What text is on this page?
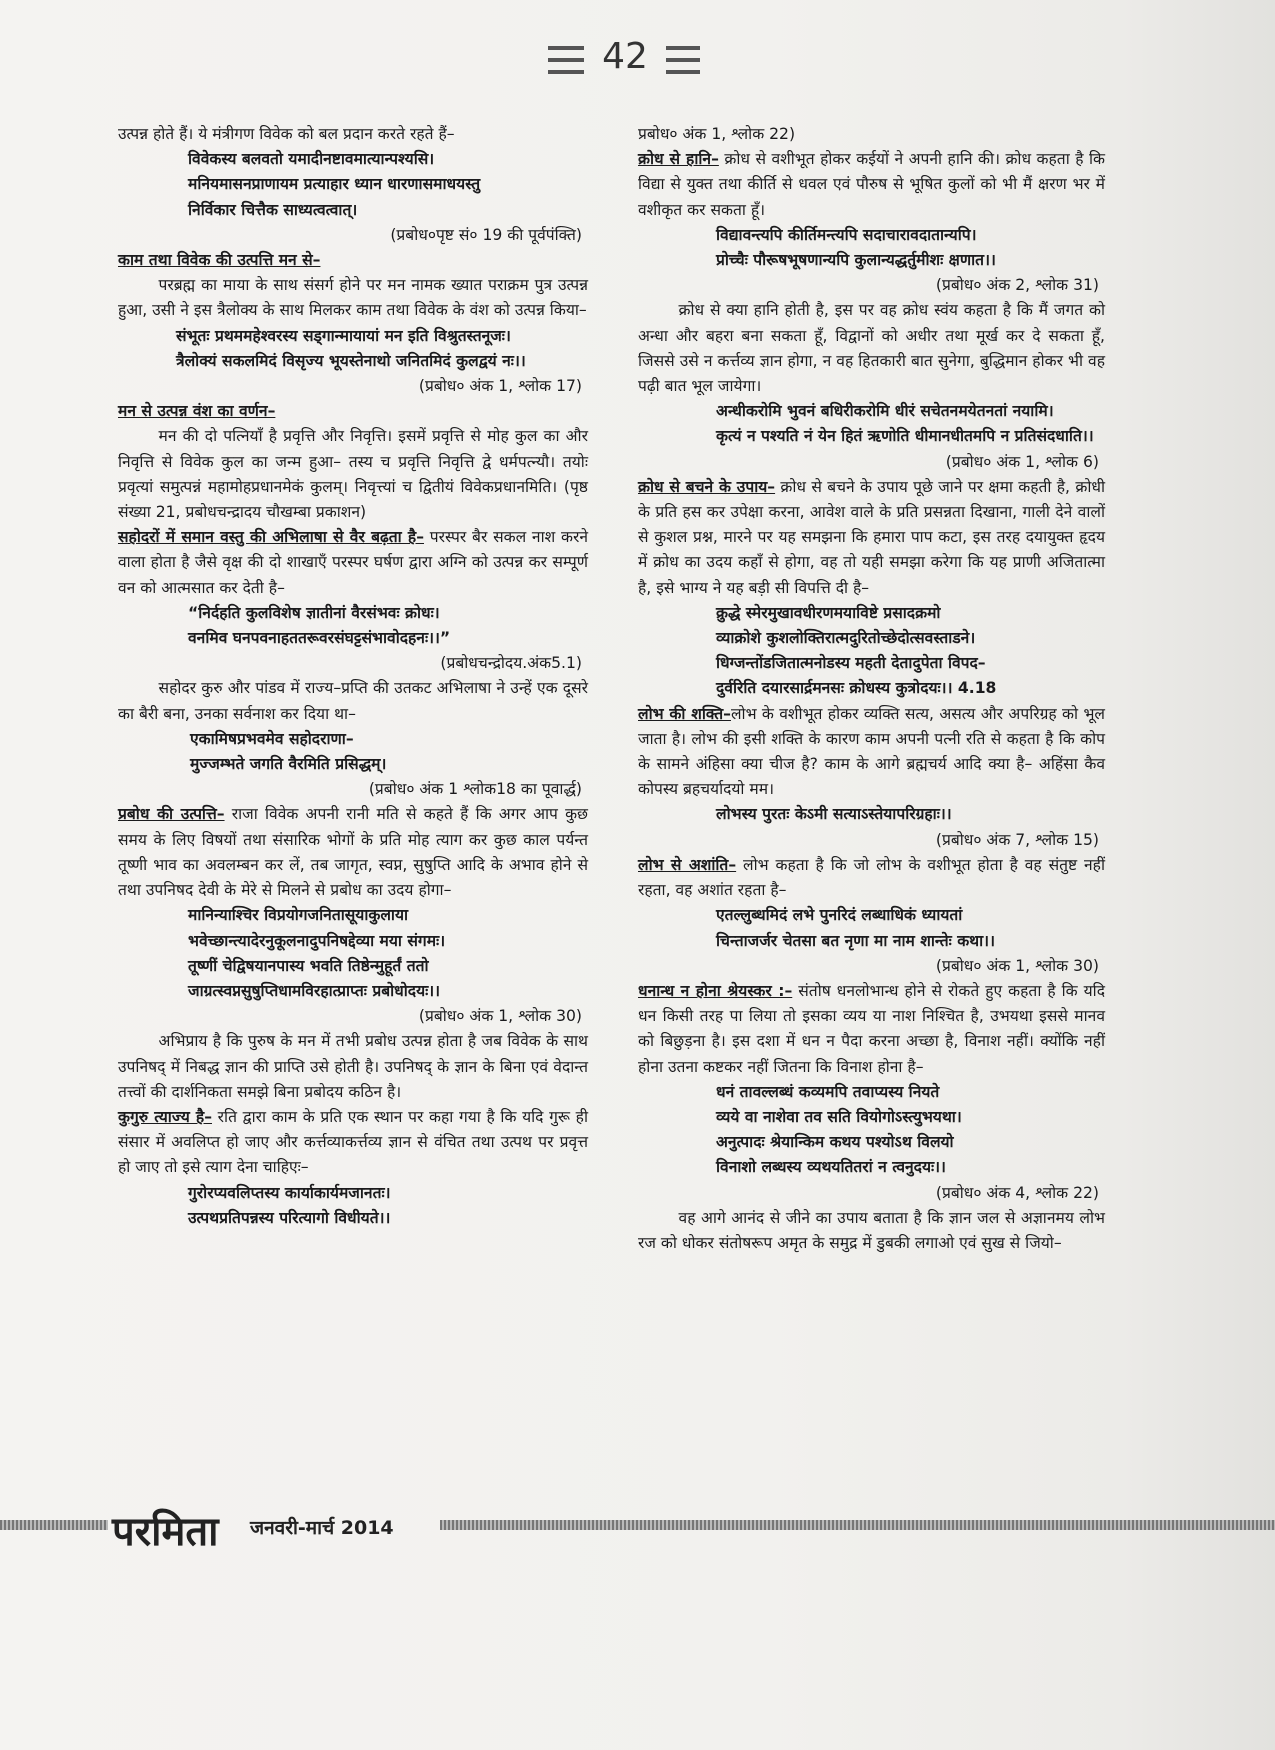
42

उत्पन्न होते हैं। ये मंत्रीगण विवेक को बल प्रदान करते रहते हैं–

विवेकस्य बलवतो यमादीनष्टावमात्यान्पश्यसि।

मनियमासनप्राणायम प्रत्याहार ध्यान धारणासमाधयस्तु

निर्विकार चित्तैक साध्यत्वत्वात्।

(प्रबोध०पृष्ट सं० 19 की पूर्वपंक्ति)

काम तथा विवेक की उत्पत्ति मन से–

परब्रह्म का माया के साथ संसर्ग होने पर मन नामक ख्यात पराक्रम पुत्र उत्पन्न हुआ, उसी ने इस त्रैलोक्य के साथ मिलकर काम तथा विवेक के वंश को उत्पन्न किया–

संभूतः प्रथममहेश्वरस्य सड्गान्मायायां मन इति विश्रुतस्तनूजः।

त्रैलोक्यं सकलमिदं विसृज्य भूयस्तेनाथो जनितमिदं कुलद्वयं नः।।

(प्रबोध० अंक 1, श्लोक 17)

मन से उत्पन्न वंश का वर्णन–

मन की दो पत्नियाँ है प्रवृत्ति और निवृत्ति। इसमें प्रवृत्ति से मोह कुल का और निवृत्ति से विवेक कुल का जन्म हुआ– तस्य च प्रवृत्ति निवृत्ति द्वे धर्मपत्न्यौ। तयोः प्रवृत्यां समुत्पन्नं महामोहप्रधानमेकं कुलम्। निवृत्त्यां च द्वितीयं विवेकप्रधानमिति। (पृष्ठ संख्या 21, प्रबोधचन्द्रादय चौखम्बा प्रकाशन)

सहोदरों में समान वस्तु की अभिलाषा से वैर बढ़ता है– परस्पर बैर सकल नाश करने वाला होता है जैसे वृक्ष की दो शाखाएँ परस्पर घर्षण द्वारा अग्नि को उत्पन्न कर सम्पूर्ण वन को आत्मसात कर देती है–

“निर्दहति कुलविशेष ज्ञातीनां वैरसंभवः क्रोधः।

वनमिव घनपवनाहततरूवरसंघट्टसंभावोदहनः।।”

(प्रबोधचन्द्रोदय.अंक5.1)

सहोदर कुरु और पांडव में राज्य–प्रप्ति की उतकट अभिलाषा ने उन्हें एक दूसरे का बैरी बना, उनका सर्वनाश कर दिया था–

एकामिषप्रभवमेव सहोदराणा–

मुज्जम्भते जगति वैरमिति प्रसिद्धम्।

(प्रबोध० अंक 1 श्लोक18 का पूवार्द्ध)

प्रबोध की उत्पत्ति– राजा विवेक अपनी रानी मति से कहते हैं कि अगर आप कुछ समय के लिए विषयों तथा संसारिक भोगों के प्रति मोह त्याग कर कुछ काल पर्यन्त तूष्णी भाव का अवलम्बन कर लें, तब जागृत, स्वप्न, सुषुप्ति आदि के अभाव होने से तथा उपनिषद देवी के मेरे से मिलने से प्रबोध का उदय होगा–

मानिन्याश्चिर विप्रयोगजनितासूयाकुलाया

भवेच्छान्त्यादेरनुकूलनादुपनिषद्देव्या मया संगमः।

तूष्णीं चेद्विषयानपास्य भवति तिष्ठेन्मुहूर्तं ततो

जाग्रत्स्वप्नसुषुप्तिधामविरहात्प्राप्तः प्रबोधोदयः।।

(प्रबोध० अंक 1, श्लोक 30)

अभिप्राय है कि पुरुष के मन में तभी प्रबोध उत्पन्न होता है जब विवेक के साथ उपनिषद् में निबद्ध ज्ञान की प्राप्ति उसे होती है। उपनिषद् के ज्ञान के बिना एवं वेदान्त तत्त्वों की दार्शनिकता समझे बिना प्रबोदय कठिन है।

कुगुरु त्याज्य है– रति द्वारा काम के प्रति एक स्थान पर कहा गया है कि यदि गुरू ही संसार में अवलिप्त हो जाए और कर्त्तव्याकर्त्तव्य ज्ञान से वंचित तथा उत्पथ पर प्रवृत्त हो जाए तो इसे त्याग देना चाहिएः–

गुरोरप्यवलिप्तस्य कार्याकार्यमजानतः।

उत्पथप्रतिपन्नस्य परित्यागो विधीयते।।

प्रबोध० अंक 1, श्लोक 22)

क्रोध से हानि– क्रोध से वशीभूत होकर कईयों ने अपनी हानि की। क्रोध कहता है कि विद्या से युक्त तथा कीर्ति से धवल एवं पौरुष से भूषित कुलों को भी मैं क्षरण भर में वशीकृत कर सकता हूँ।

विद्यावन्त्यपि कीर्तिमन्त्यपि सदाचारावदातान्यपि।

प्रोच्चैः पौरूषभूषणान्यपि कुलान्यद्धर्तुमीशः क्षणात।।

(प्रबोध० अंक 2, श्लोक 31)

क्रोध से क्या हानि होती है, इस पर वह क्रोध स्वंय कहता है कि मैं जगत को अन्धा और बहरा बना सकता हूँ, विद्वानों को अधीर तथा मूर्ख कर दे सकता हूँ, जिससे उसे न कर्त्तव्य ज्ञान होगा, न वह हितकारी बात सुनेगा, बुद्धिमान होकर भी वह पढ़ी बात भूल जायेगा।

अन्धीकरोमि भुवनं बधिरीकरोमि धीरं सचेतनमयेतनतां नयामि।

कृत्यं न पश्यति नं येन हितं ऋणोति धीमानधीतमपि न प्रतिसंदधाति।।

(प्रबोध० अंक 1, श्लोक 6)

क्रोध से बचने के उपाय– क्रोध से बचने के उपाय पूछे जाने पर क्षमा कहती है, क्रोधी के प्रति हस कर उपेक्षा करना, आवेश वाले के प्रति प्रसन्नता दिखाना, गाली देने वालों से कुशल प्रश्न, मारने पर यह समझना कि हमारा पाप कटा, इस तरह दयायुक्त हृदय में क्रोध का उदय कहाँ से होगा, वह तो यही समझा करेगा कि यह प्राणी अजितात्मा है, इसे भाग्य ने यह बड़ी सी विपत्ति दी है–

क्रुद्धे स्मेरमुखावधीरणमयाविष्टे प्रसादक्रमो

व्याक्रोशे कुशलोक्तिरात्मदुरितोच्छेदोत्सवस्ताडने।

धिग्जन्तोंडजितात्मनोडस्य महती देतादुपेता विपद–

दुर्वरिति दयारसार्द्रमनसः क्रोधस्य कुत्रोदयः।। 4.18

लोभ की शक्ति–लोभ के वशीभूत होकर व्यक्ति सत्य, असत्य और अपरिग्रह को भूल जाता है। लोभ की इसी शक्ति के कारण काम अपनी पत्नी रति से कहता है कि कोप के सामने अंहिसा क्या चीज है? काम के आगे ब्रह्मचर्य आदि क्या है– अहिंसा कैव कोपस्य ब्रहचर्यादयो मम।

लोभस्य पुरतः केऽमी सत्याऽस्तेयापरिग्रहाः।।

(प्रबोध० अंक 7, श्लोक 15)

लोभ से अशांति– लोभ कहता है कि जो लोभ के वशीभूत होता है वह संतुष्ट नहीं रहता, वह अशांत रहता है–

एतल्लुब्धमिदं लभे पुनरिदं लब्धाधिकं ध्यायतां

चिन्ताजर्जर चेतसा बत नृणा मा नाम शान्तेः कथा।।

(प्रबोध० अंक 1, श्लोक 30)

धनान्ध न होना श्रेयस्कर :– संतोष धनलोभान्ध होने से रोकते हुए कहता है कि यदि धन किसी तरह पा लिया तो इसका व्यय या नाश निश्चित है, उभयथा इससे मानव को बिछुड़ना है। इस दशा में धन न पैदा करना अच्छा है, विनाश नहीं। क्योंकि नहीं होना उतना कष्टकर नहीं जितना कि विनाश होना है–

धनं तावल्लब्धं कव्यमपि तवाप्यस्य नियते

व्यये वा नाशेवा तव सति वियोगोऽस्त्युभयथा।

अनुत्पादः श्रेयान्किम कथय पश्योऽथ विलयो

विनाशो लब्धस्य व्यथयतितरां न त्वनुदयः।।

(प्रबोध० अंक 4, श्लोक 22)

वह आगे आनंद से जीने का उपाय बताता है कि ज्ञान जल से अज्ञानमय लोभ रज को धोकर संतोषरूप अमृत के समुद्र में डुबकी लगाओ एवं सुख से जियो–

परमिता जनवरी-मार्च 2014
